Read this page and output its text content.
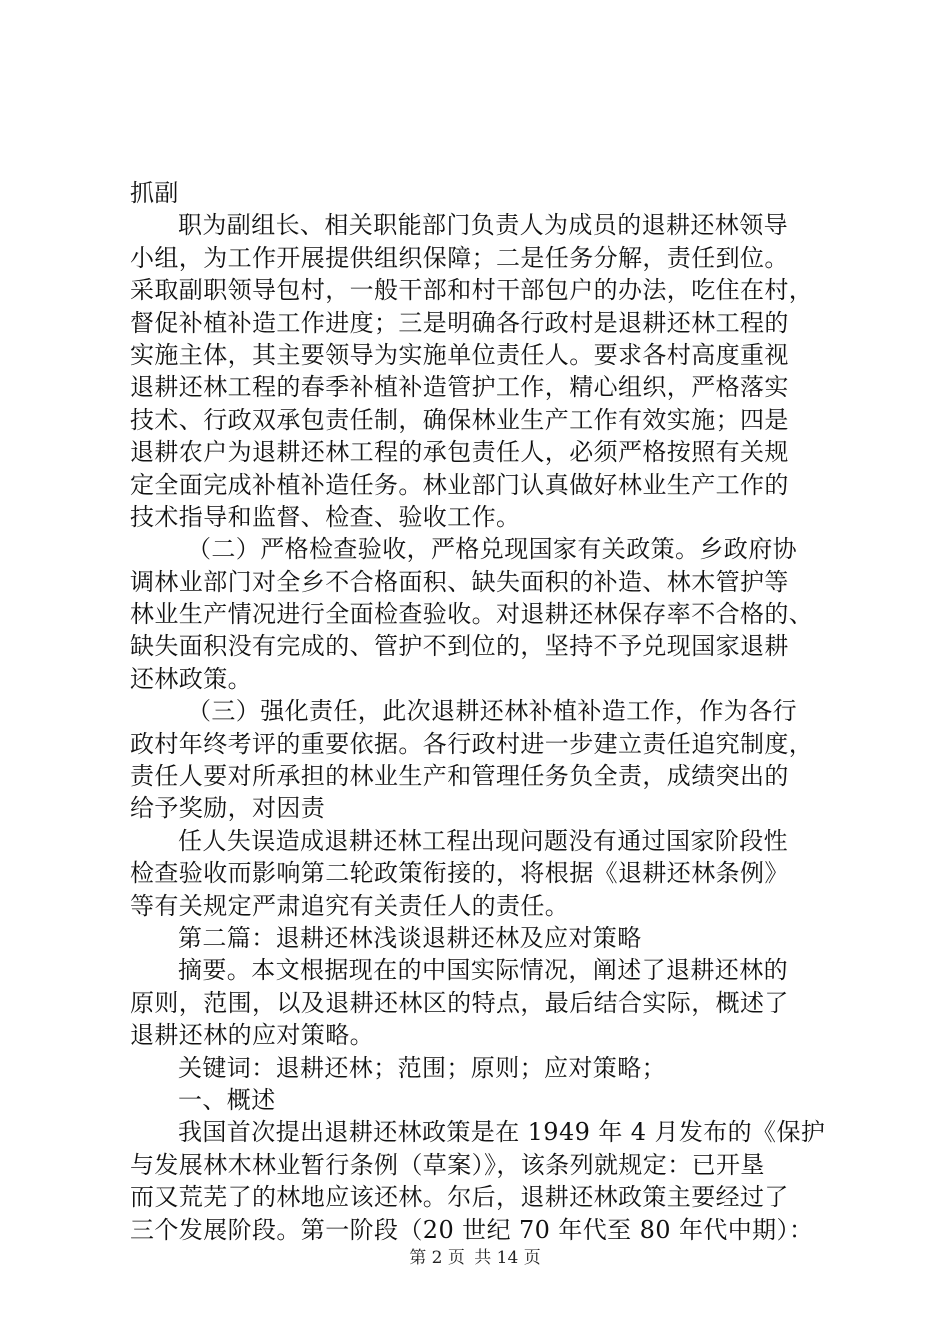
抓副
职为副组长、相关职能部门负责人为成员的退耕还林领导
小组，为工作开展提供组织保障；二是任务分解，责任到位。
采取副职领导包村，一般干部和村干部包户的办法，吃住在村，
督促补植补造工作进度；三是明确各行政村是退耕还林工程的
实施主体，其主要领导为实施单位责任人。要求各村高度重视
退耕还林工程的春季补植补造管护工作，精心组织，严格落实
技术、行政双承包责任制，确保林业生产工作有效实施；四是
退耕农户为退耕还林工程的承包责任人，必须严格按照有关规
定全面完成补植补造任务。林业部门认真做好林业生产工作的
技术指导和监督、检查、验收工作。
（二）严格检查验收，严格兑现国家有关政策。乡政府协
调林业部门对全乡不合格面积、缺失面积的补造、林木管护等
林业生产情况进行全面检查验收。对退耕还林保存率不合格的、
缺失面积没有完成的、管护不到位的，坚持不予兑现国家退耕
还林政策。
（三）强化责任，此次退耕还林补植补造工作，作为各行
政村年终考评的重要依据。各行政村进一步建立责任追究制度，
责任人要对所承担的林业生产和管理任务负全责，成绩突出的
给予奖励，对因责
任人失误造成退耕还林工程出现问题没有通过国家阶段性
检查验收而影响第二轮政策衔接的，将根据《退耕还林条例》
等有关规定严肃追究有关责任人的责任。
第二篇：退耕还林浅谈退耕还林及应对策略
摘要。本文根据现在的中国实际情况，阐述了退耕还林的
原则，范围，以及退耕还林区的特点，最后结合实际，概述了
退耕还林的应对策略。
关键词：退耕还林；范围；原则；应对策略；
一、概述
我国首次提出退耕还林政策是在 1949 年 4 月发布的《保护
与发展林木林业暂行条例（草案）》，该条列就规定：已开垦
而又荒芜了的林地应该还林。尔后，退耕还林政策主要经过了
三个发展阶段。第一阶段（20 世纪 70 年代至 80 年代中期）：
第 2 页 共 14 页
